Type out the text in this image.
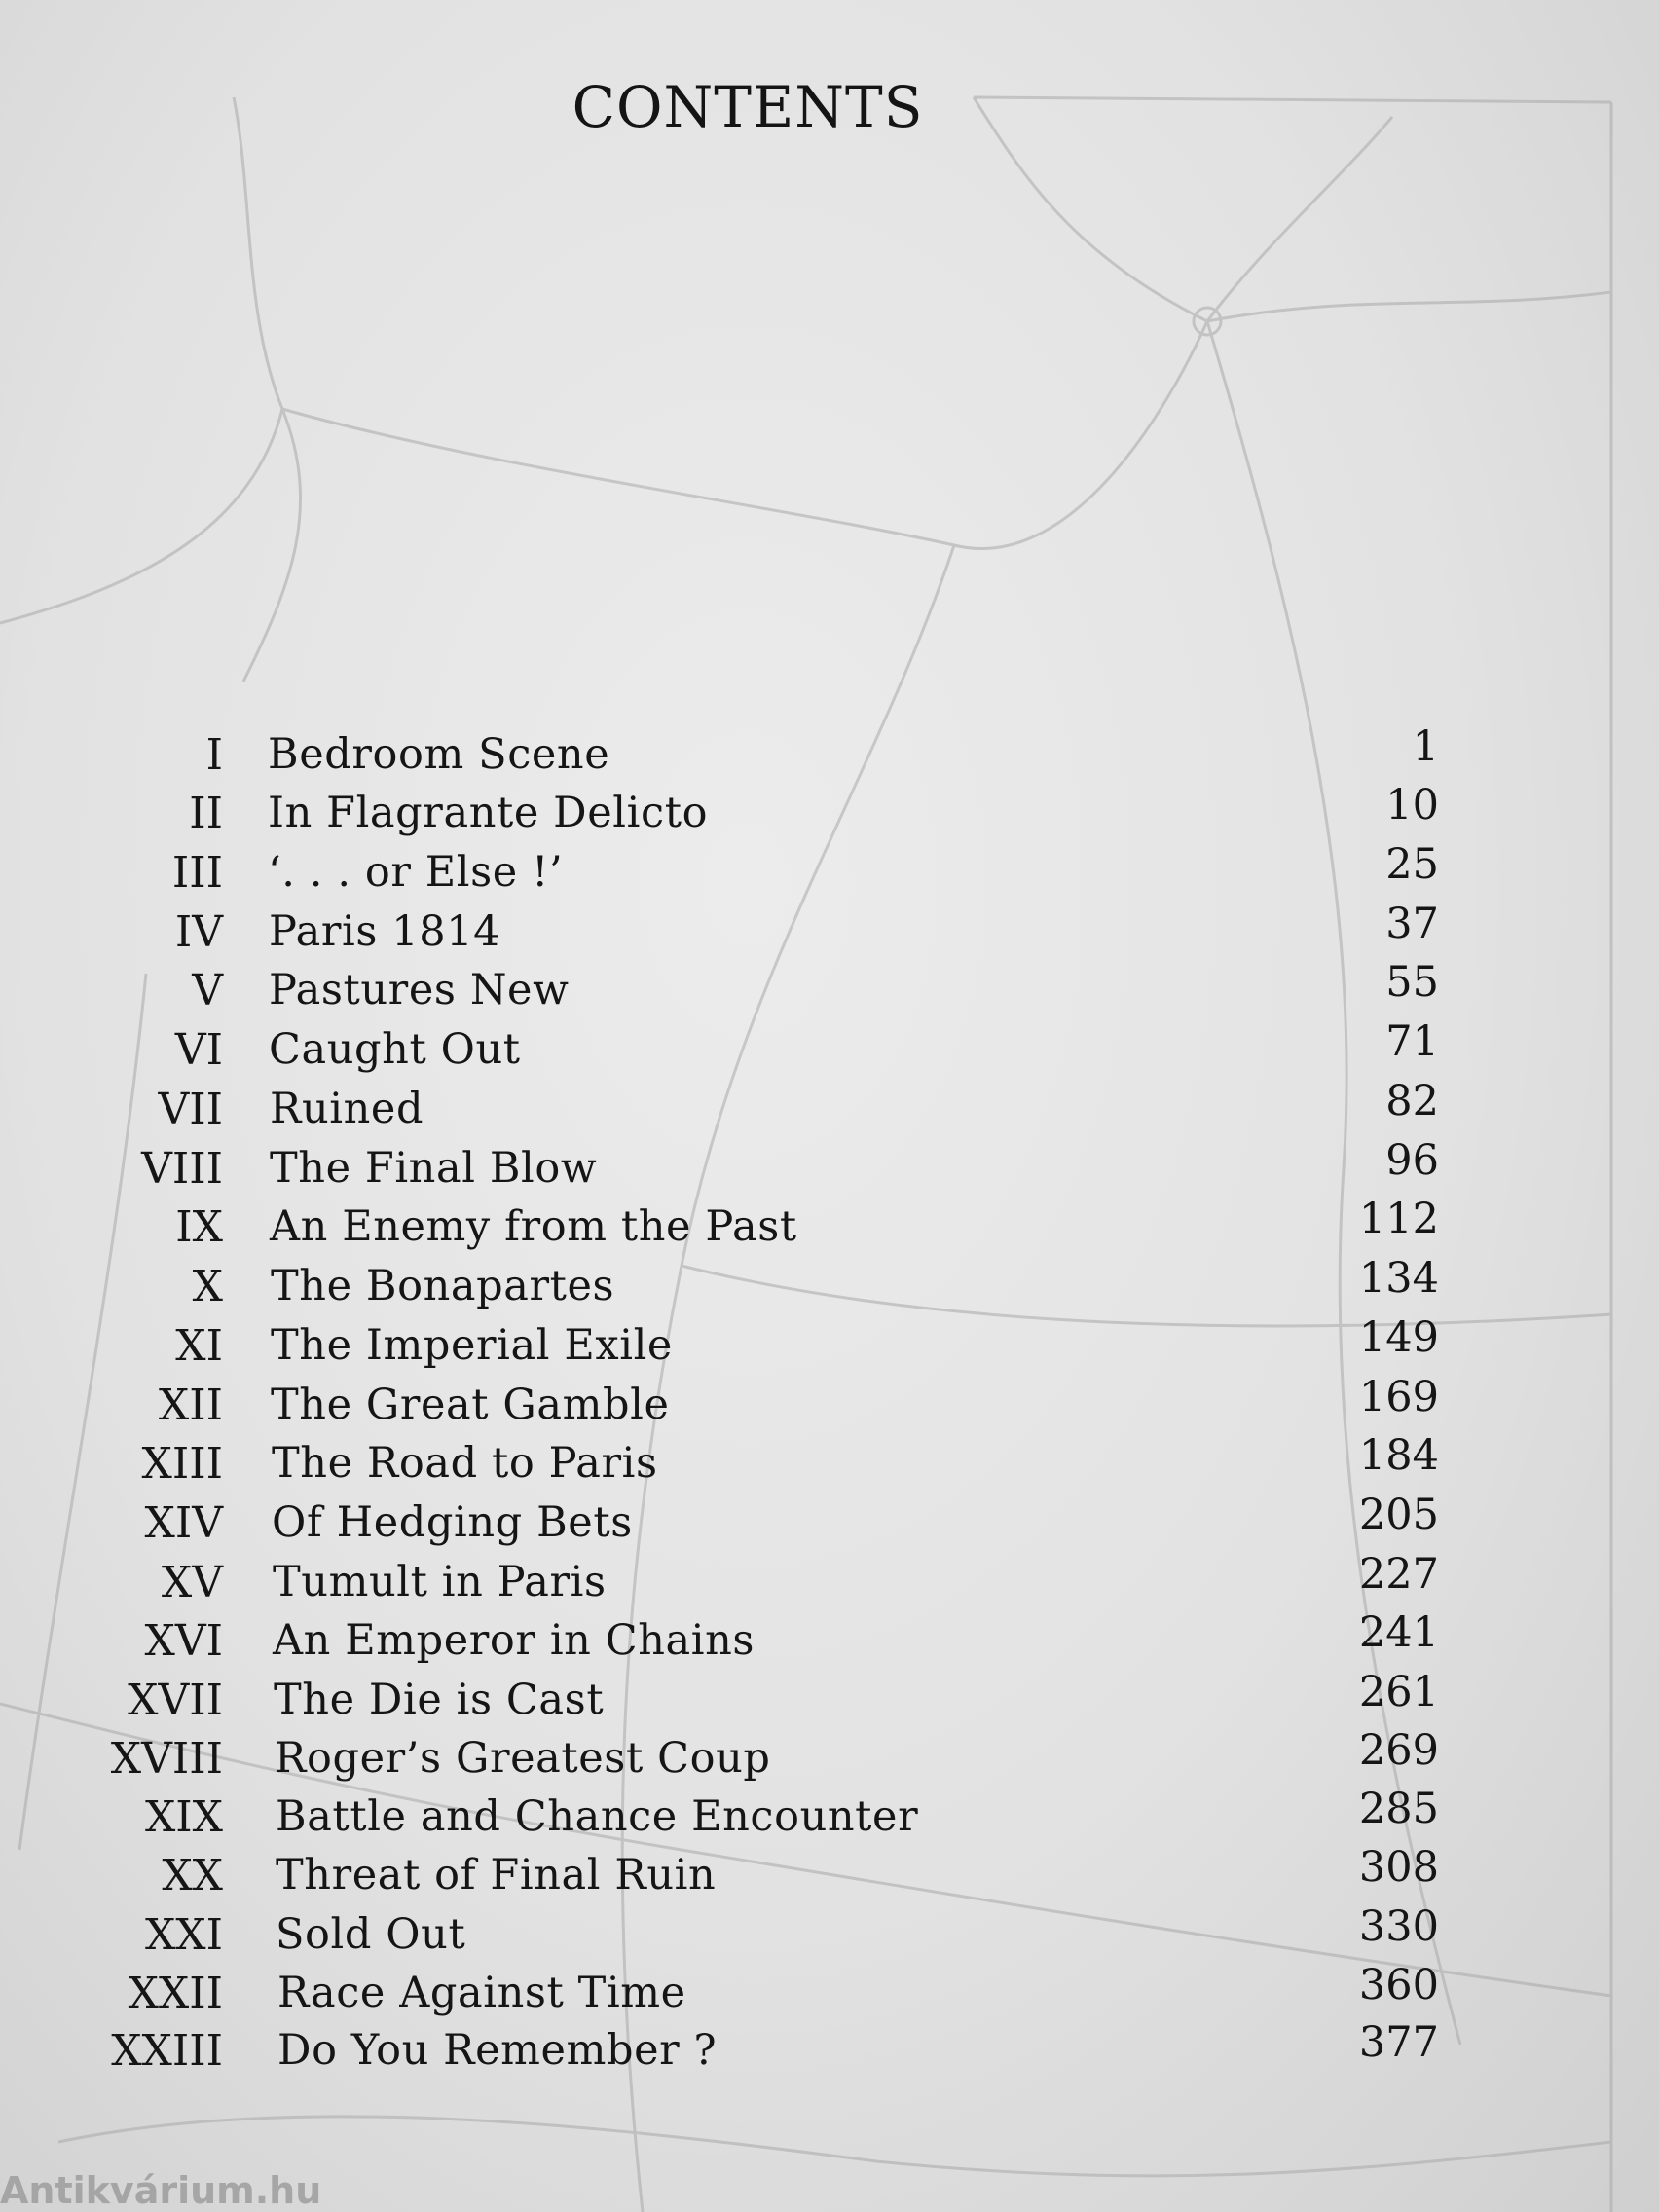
CONTENTS
I Bedroom Scene	1
II In Flagrante Delicto	10
III ‘. . . or Else !’	25
IV Paris 1814	37
V Pastures New	55
VI Caught Out	71
VII Ruined	82
VIII The Final Blow	96
IX An Enemy from the Past	112
X The Bonapartes	134
XI The Imperial Exile	149
XII The Great Gamble	169
XIII The Road to Paris	184
XIV Of Hedging Bets	205
XV Tumult in Paris	227
XVI An Emperor in Chains	241
XVII The Die is Cast	261
XVIII Roger’s Greatest Coup	269
XIX Battle and Chance Encounter	285
XX Threat of Final Ruin	308
XXI Sold Out	330
XXII Race Against Time	360
XXIII Do You Remember ?	377
Antikvárium.hu
